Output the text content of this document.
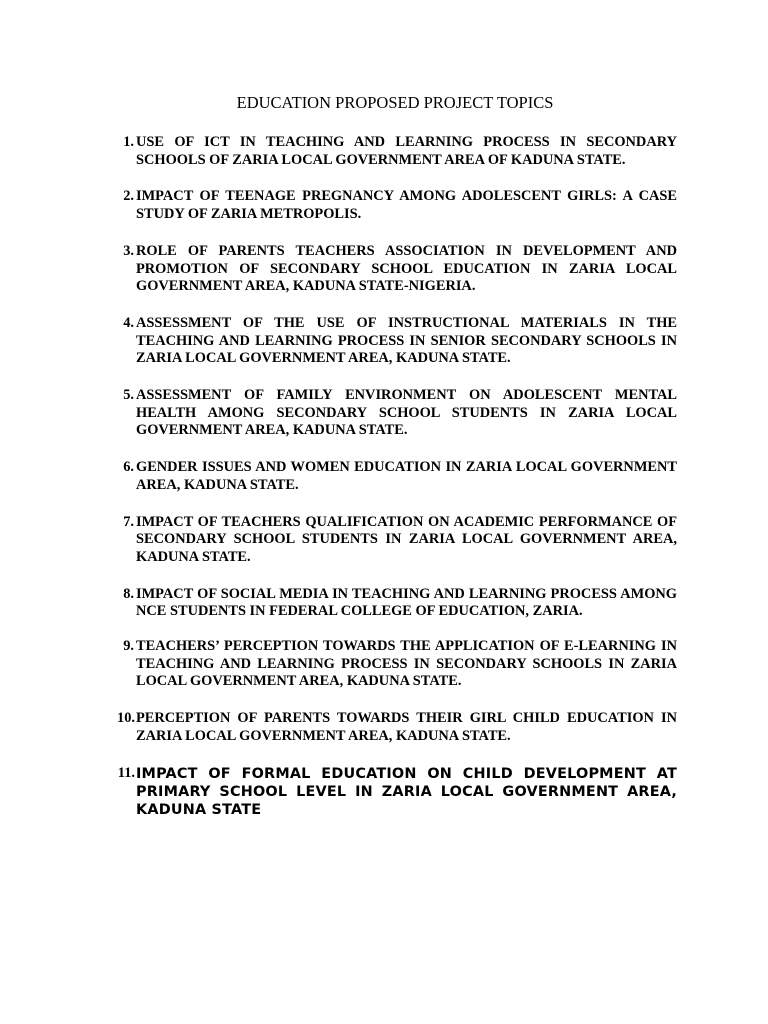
EDUCATION PROPOSED PROJECT TOPICS
1. USE OF ICT IN TEACHING AND LEARNING PROCESS IN SECONDARY SCHOOLS OF ZARIA LOCAL GOVERNMENT AREA OF KADUNA STATE.
2. IMPACT OF TEENAGE PREGNANCY AMONG ADOLESCENT GIRLS: A CASE STUDY OF ZARIA METROPOLIS.
3. ROLE OF PARENTS TEACHERS ASSOCIATION IN DEVELOPMENT AND PROMOTION OF SECONDARY SCHOOL EDUCATION IN ZARIA LOCAL GOVERNMENT AREA, KADUNA STATE-NIGERIA.
4. ASSESSMENT OF THE USE OF INSTRUCTIONAL MATERIALS IN THE TEACHING AND LEARNING PROCESS IN SENIOR SECONDARY SCHOOLS IN ZARIA LOCAL GOVERNMENT AREA, KADUNA STATE.
5. ASSESSMENT OF FAMILY ENVIRONMENT ON ADOLESCENT MENTAL HEALTH AMONG SECONDARY SCHOOL STUDENTS IN ZARIA LOCAL GOVERNMENT AREA, KADUNA STATE.
6. GENDER ISSUES AND WOMEN EDUCATION IN ZARIA LOCAL GOVERNMENT AREA, KADUNA STATE.
7. IMPACT OF TEACHERS QUALIFICATION ON ACADEMIC PERFORMANCE OF SECONDARY SCHOOL STUDENTS IN ZARIA LOCAL GOVERNMENT AREA, KADUNA STATE.
8. IMPACT OF SOCIAL MEDIA IN TEACHING AND LEARNING PROCESS AMONG NCE STUDENTS IN FEDERAL COLLEGE OF EDUCATION, ZARIA.
9. TEACHERS’ PERCEPTION TOWARDS THE APPLICATION OF E-LEARNING IN TEACHING AND LEARNING PROCESS IN SECONDARY SCHOOLS IN ZARIA LOCAL GOVERNMENT AREA, KADUNA STATE.
10. PERCEPTION OF PARENTS TOWARDS THEIR GIRL CHILD EDUCATION IN ZARIA LOCAL GOVERNMENT AREA, KADUNA STATE.
11. IMPACT OF FORMAL EDUCATION ON CHILD DEVELOPMENT AT PRIMARY SCHOOL LEVEL IN ZARIA LOCAL GOVERNMENT AREA, KADUNA STATE
